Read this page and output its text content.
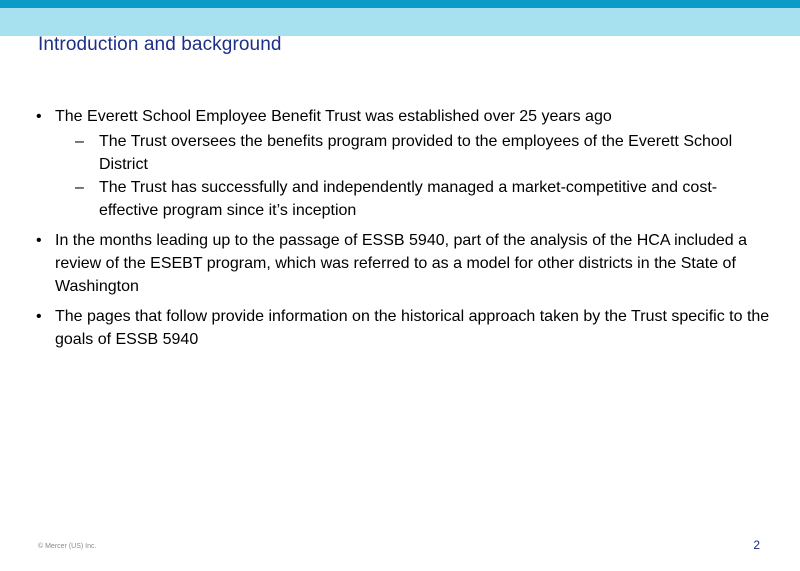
Introduction and background
• The Everett School Employee Benefit Trust was established over 25 years ago
– The Trust oversees the benefits program provided to the employees of the Everett School District
– The Trust has successfully and independently managed a market-competitive and cost-effective program since it’s inception
• In the months leading up to the passage of ESSB 5940, part of the analysis of the HCA included a review of the ESEBT program, which was referred to as a model for other districts in the State of Washington
• The pages that follow provide information on the historical approach taken by the Trust specific to the goals of ESSB 5940
© Mercer (US) Inc.	2
